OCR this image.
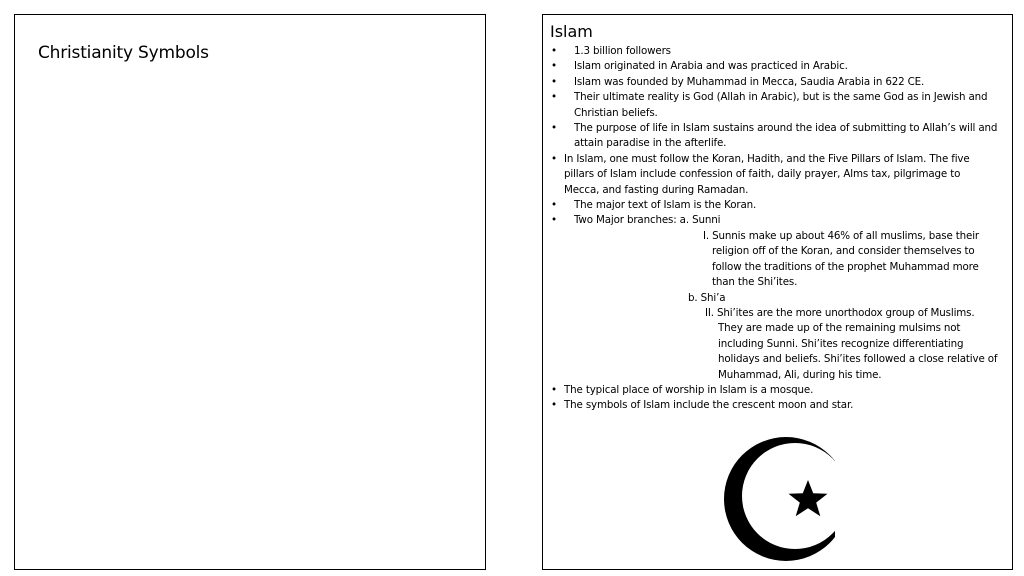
Christianity Symbols
Islam
• 1.3 billion followers
• Islam originated in Arabia and was practiced in Arabic.
• Islam was founded by Muhammad in Mecca, Saudia Arabia in 622 CE.
• Their ultimate reality is God (Allah in Arabic), but is the same God as in Jewish and Christian beliefs.
• The purpose of life in Islam sustains around the idea of submitting to Allah’s will and attain paradise in the afterlife.
• In Islam, one must follow the Koran, Hadith, and the Five Pillars of Islam. The five pillars of Islam include confession of faith, daily prayer, Alms tax, pilgrimage to Mecca, and fasting during Ramadan.
• The major text of Islam is the Koran.
• Two Major branches: a. Sunni
I. Sunnis make up about 46% of all muslims, base their religion off of the Koran, and consider themselves to follow the traditions of the prophet Muhammad more than the Shi’ites.
b. Shi’a
II. Shi’ites are the more unorthodox group of Muslims. They are made up of the remaining mulsims not including Sunni. Shi’ites recognize differentiating holidays and beliefs. Shi’ites followed a close relative of Muhammad, Ali, during his time.
• The typical place of worship in Islam is a mosque.
• The symbols of Islam include the crescent moon and star.
